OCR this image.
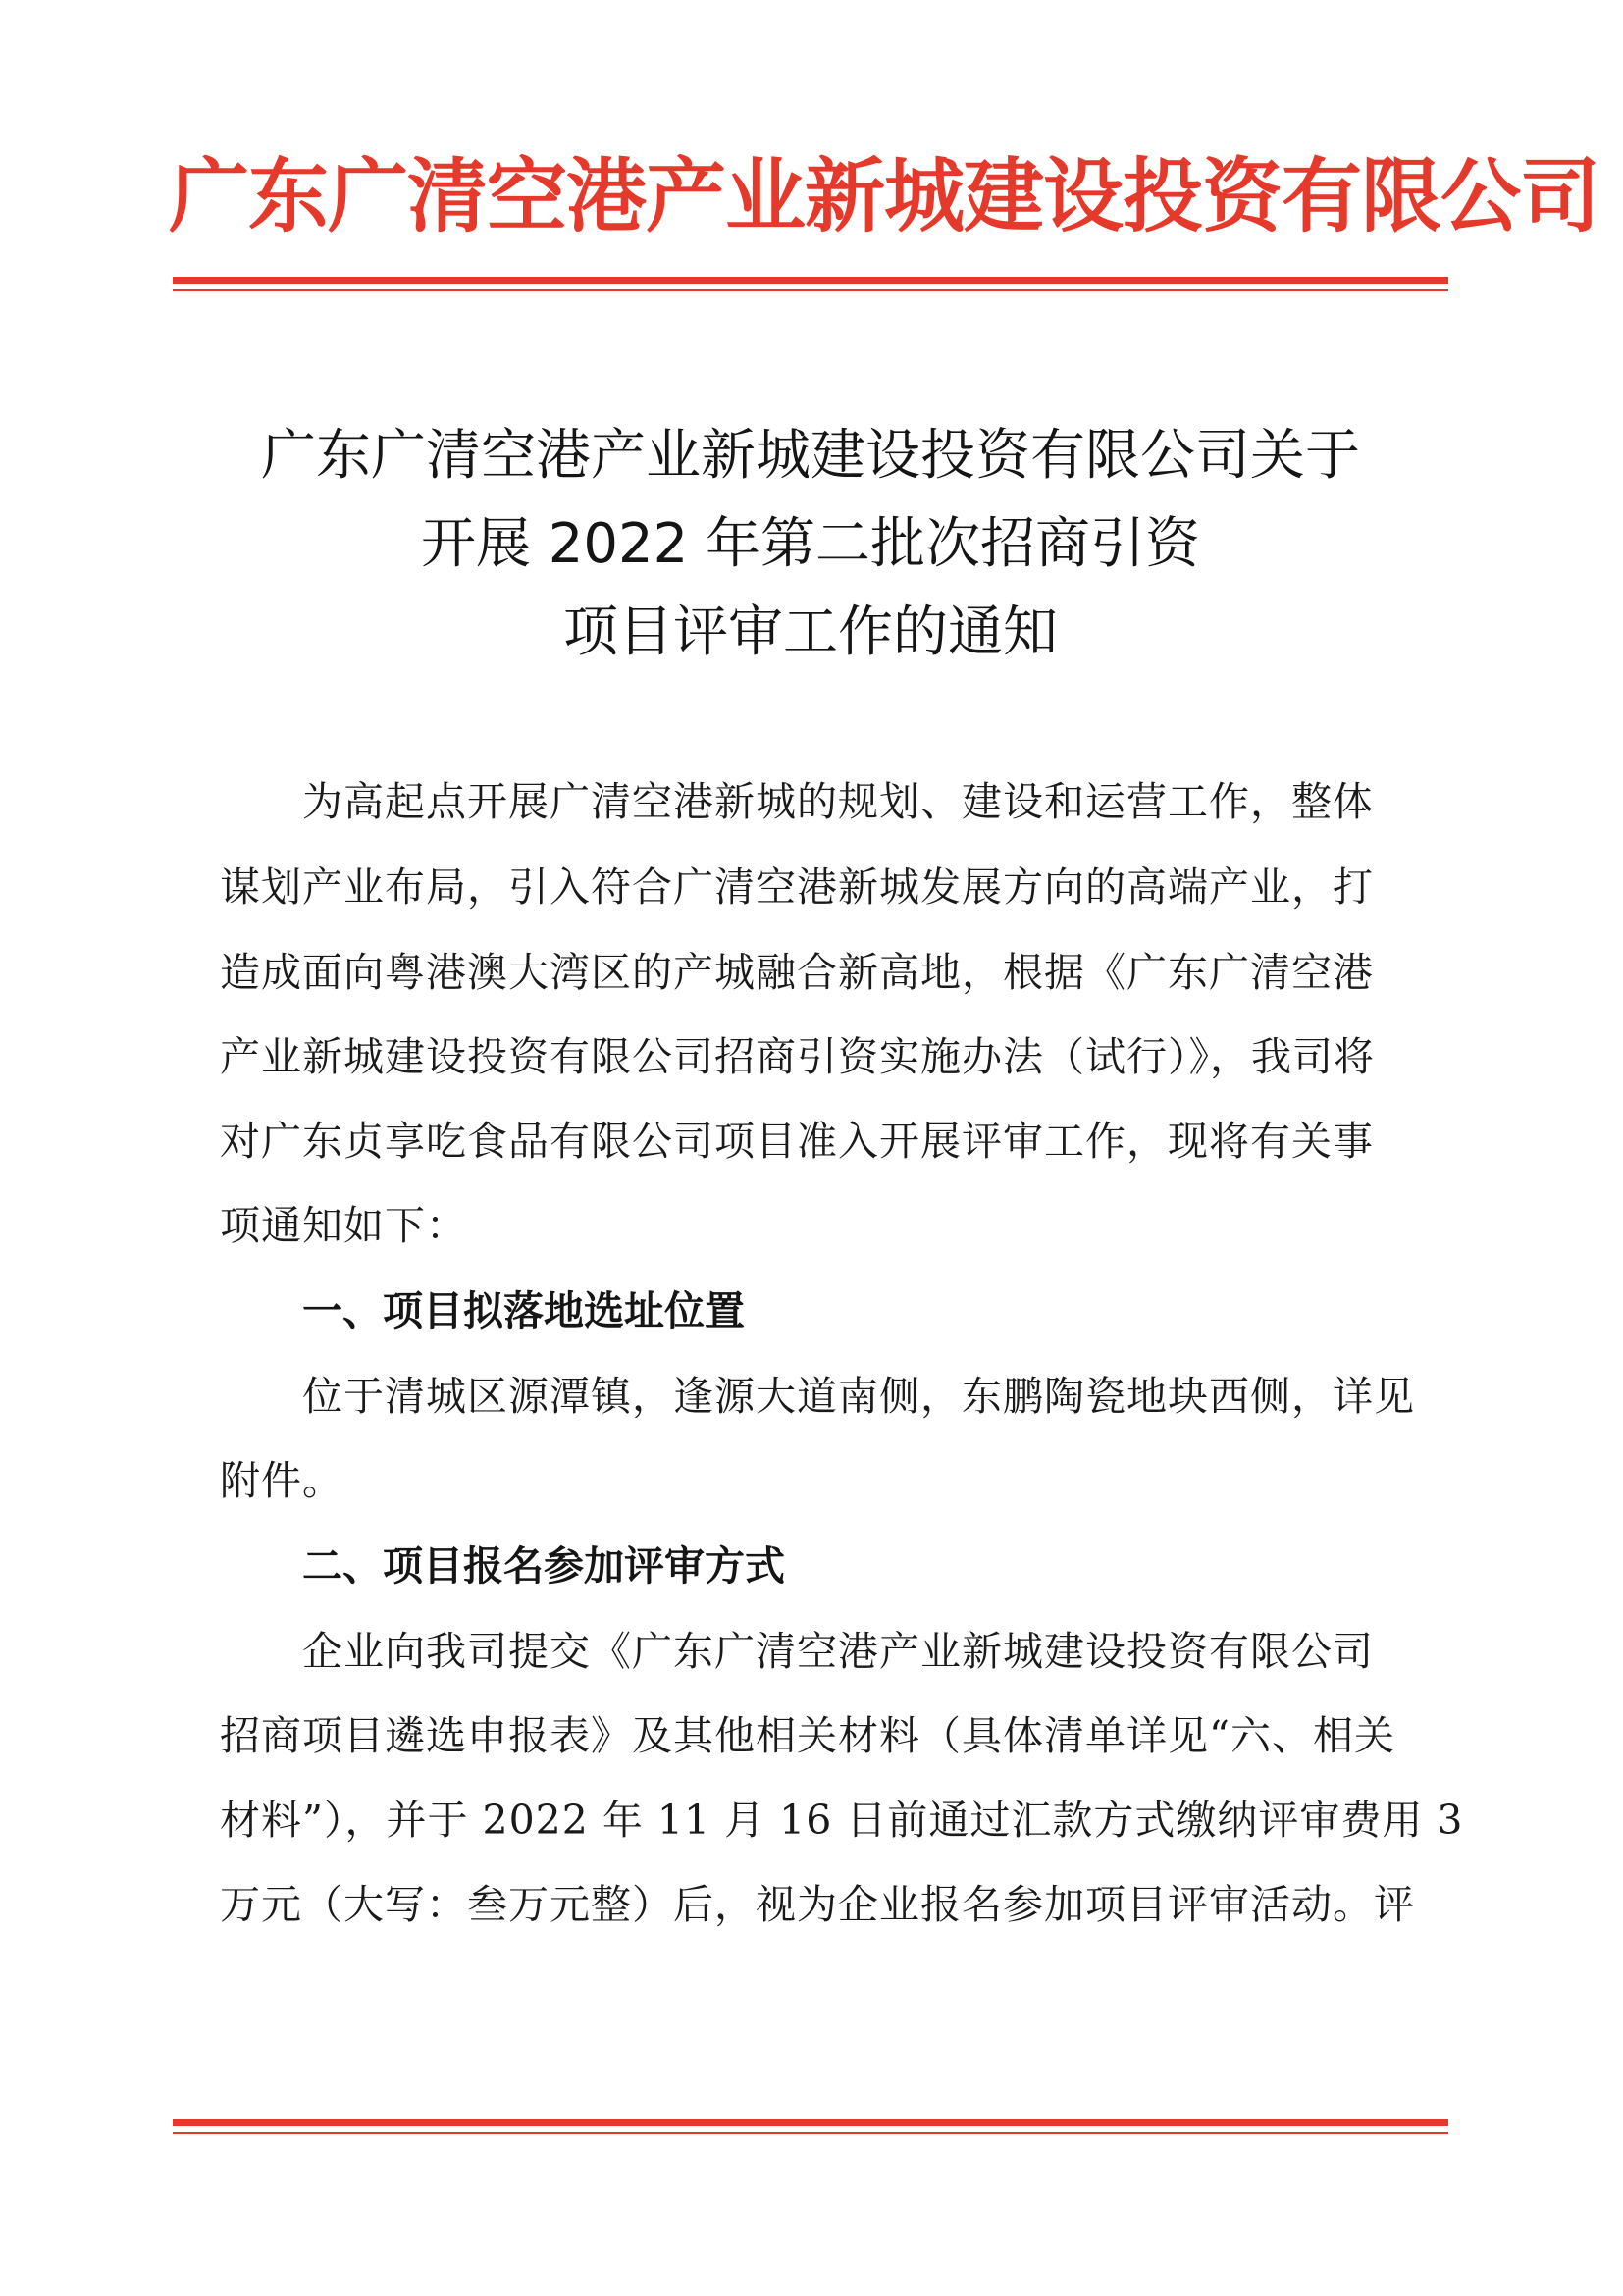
广东广清空港产业新城建设投资有限公司
广东广清空港产业新城建设投资有限公司关于
开展 2022 年第二批次招商引资
项目评审工作的通知
　　为高起点开展广清空港新城的规划、建设和运营工作，整体
谋划产业布局，引入符合广清空港新城发展方向的高端产业，打
造成面向粤港澳大湾区的产城融合新高地，根据《广东广清空港
产业新城建设投资有限公司招商引资实施办法（试行）》，我司将
对广东贞享吃食品有限公司项目准入开展评审工作，现将有关事
项通知如下：
一、项目拟落地选址位置
　　位于清城区源潭镇，逢源大道南侧，东鹏陶瓷地块西侧，详见
附件。
二、项目报名参加评审方式
　　企业向我司提交《广东广清空港产业新城建设投资有限公司
招商项目遴选申报表》及其他相关材料（具体清单详见“六、相关
材料”），并于 2022 年 11 月 16 日前通过汇款方式缴纳评审费用 3
万元（大写：叁万元整）后，视为企业报名参加项目评审活动。评
